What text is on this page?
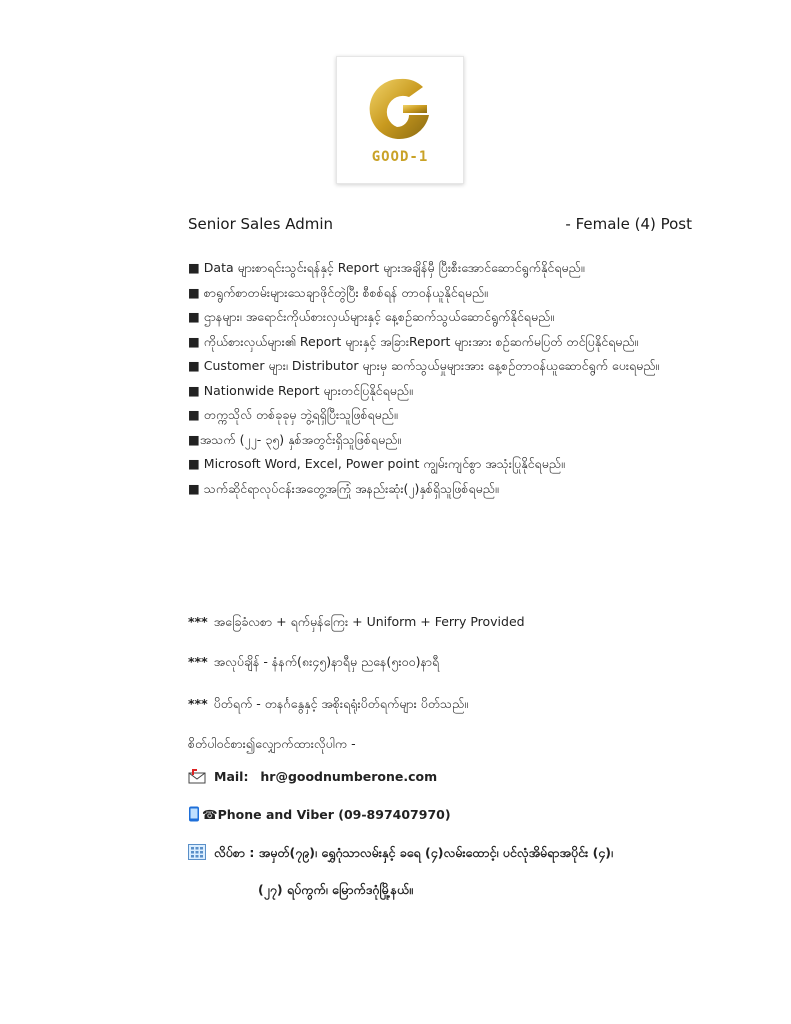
GOOD-1
Senior Sales Admin	- Female (4) Post
■ Data များစာရင်းသွင်းရန်နှင့် Report များအချိန်မှီ ပြီးစီးအောင်ဆောင်ရွက်နိုင်ရမည်။
■ စာရွက်စာတမ်းများသေချာဖိုင်တွဲပြီး စီစစ်ရန် တာဝန်ယူနိုင်ရမည်။
■ ဌာနများ၊ အရောင်းကိုယ်စားလှယ်များနှင့် နေ့စဥ်ဆက်သွယ်ဆောင်ရွက်နိုင်ရမည်။
■ ကိုယ်စားလှယ်များ၏ Report များနှင့် အခြားReport များအား စဥ်ဆက်မပြတ် တင်ပြနိုင်ရမည်။
■ Customer များ၊ Distributor များမှ ဆက်သွယ်မှုများအား နေ့စဥ်တာဝန်ယူဆောင်ရွက် ပေးရမည်။
■ Nationwide Report များတင်ပြနိုင်ရမည်။
■ တက္ကသိုလ် တစ်ခုခုမှ ဘွဲ့ရရှိပြီးသူဖြစ်ရမည်။
■အသက် (၂၂- ၃၅) နှစ်အတွင်းရှိသူဖြစ်ရမည်။
■ Microsoft Word, Excel, Power point ကျွမ်းကျင်စွာ အသုံးပြုနိုင်ရမည်။
■ သက်ဆိုင်ရာလုပ်ငန်းအတွေ့အကြုံ အနည်းဆုံး(၂)နှစ်ရှိသူဖြစ်ရမည်။
*** အခြေခံလစာ + ရက်မှန်ကြေး + Uniform + Ferry Provided
*** အလုပ်ချိန် - နံနက်(၈း၄၅)နာရီမှ ညနေ(၅း၀၀)နာရီ
*** ပိတ်ရက် - တနင်္ဂနွေနှင့် အစိုးရရုံးပိတ်ရက်များ ပိတ်သည်။
စိတ်ပါဝင်စား၍လျှောက်ထားလိုပါက -
Mail: hr@goodnumberone.com
☎Phone and Viber (09-897407970)
လိပ်စာ : အမှတ်(၇၉)၊ ရွှေဂုံသာလမ်းနှင့် ခရေ (၄)လမ်းထောင့်၊ ပင်လုံအိမ်ရာအပိုင်း (၄)၊
(၂၇) ရပ်ကွက်၊ မြောက်ဒဂုံမြို့နယ်။
